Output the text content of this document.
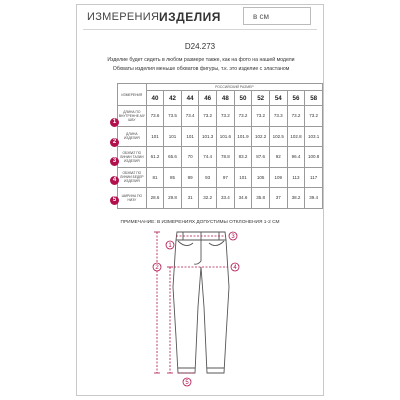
ИЗМЕРЕНИЯ ИЗДЕЛИЯ	в см
D24.273
Изделие будет сидеть в любом размере также, как на фото на нашей модели
Обхваты изделия меньше обхватов фигуры, т.к. это изделие с эластаном
ИЗМЕРЕНИЯ	РОССИЙСКИЙ РАЗМЕР									
	40	42	44	46	48	50	52	54	56	58
ДЛИНА ПО ВНУТРЕННЕ-МУ ШВУ	73.6	73.5	73.4	73.2	73.2	73.2	73.2	73.3	73.2	73.2
ДЛИНА ИЗДЕЛИЯ	101	101	101	101.3	101.6	101.9	102.2	102.5	102.8	103.1
ОБХВАТ ПО ЛИНИИ ТАЛИИ ИЗДЕЛИЯ	61.2	65.6	70	74.4	78.8	83.2	87.6	92	96.4	100.8
ОБХВАТ ПО ЛИНИИ БЕДЕР ИЗДЕЛИЯ	81	85	89	93	97	101	105	109	113	117
ШИРИНА ПО НИЗУ	28.6	29.8	31	32.2	33.4	34.6	35.8	37	38.2	39.4
1
2
3
4
5
ПРИМЕЧАНИЕ: В ИЗМЕРЕНИЯХ ДОПУСТИМЫ ОТКЛОНЕНИЯ 1-2 СМ
1
2
3
4
5
